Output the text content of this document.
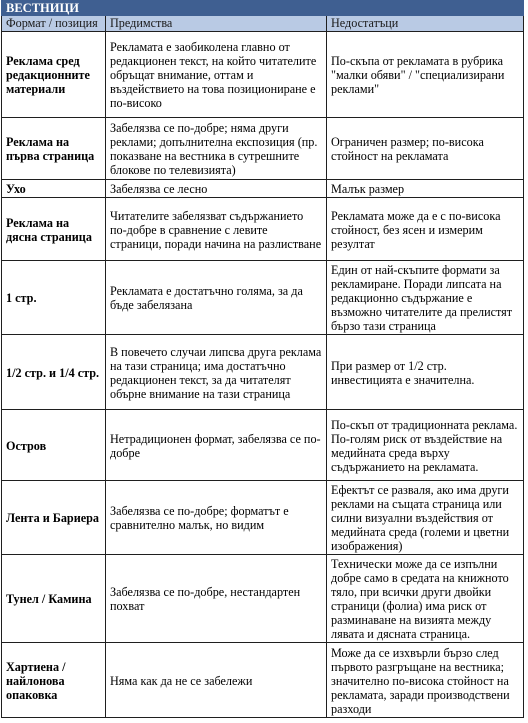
ВЕСТНИЦИ		
Формат / позиция	Предимства	Недостатъци
Реклама сред редакционните материали	Рекламата е заобиколена главно от редакционен текст, на който читателите обръщат внимание, оттам и въздействието на това позициониране е по-високо	По-скъпа от рекламата в рубрика "малки обяви" / "специализирани реклами"
Реклама на първа страница	Забелязва се по-добре; няма други реклами; допълнителна експозиция (пр. показване на вестника в сутрешните блокове по телевизията)	Ограничен размер; по-висока стойност на рекламата
Ухо	Забелязва се лесно	Малък размер
Реклама на дясна страница	Читателите забелязват съдържанието по-добре в сравнение с левите страници, поради начина на разлистване	Рекламата може да е с по-висока стойност, без ясен и измерим резултат
1 стр.	Рекламата е достатъчно голяма, за да бъде забелязана	Един от най-скъпите формати за рекламиране. Поради липсата на редакционно съдържание е възможно читателите да прелистят бързо тази страница
1/2 стр. и 1/4 стр.	В повечето случаи липсва друга реклама на тази страница; има достатъчно редакционен текст, за да читателят обърне внимание на тази страница	При размер от 1/2 стр. инвестицията е значителна.
Остров	Нетрадиционен формат, забелязва се по-добре	По-скъп от традиционната реклама. По-голям риск от въздействие на медийната среда върху съдържанието на рекламата.
Лента и Бариера	Забелязва се по-добре; форматът е сравнително малък, но видим	Ефектът се разваля, ако има други реклами на същата страница или силни визуални въздействия от медийната среда (големи и цветни изображения)
Тунел / Камина	Забелязва се по-добре, нестандартен похват	Технически може да се изпълни добре само в средата на книжното тяло, при всички други двойки страници (фолиа) има риск от разминаване на визията между лявата и дясната страница.
Хартиена / найлонова опаковка	Няма как да не се забележи	Може да се изхвърли бързо след първото разгръщане на вестника; значително по-висока стойност на рекламата, заради производствени разходи
